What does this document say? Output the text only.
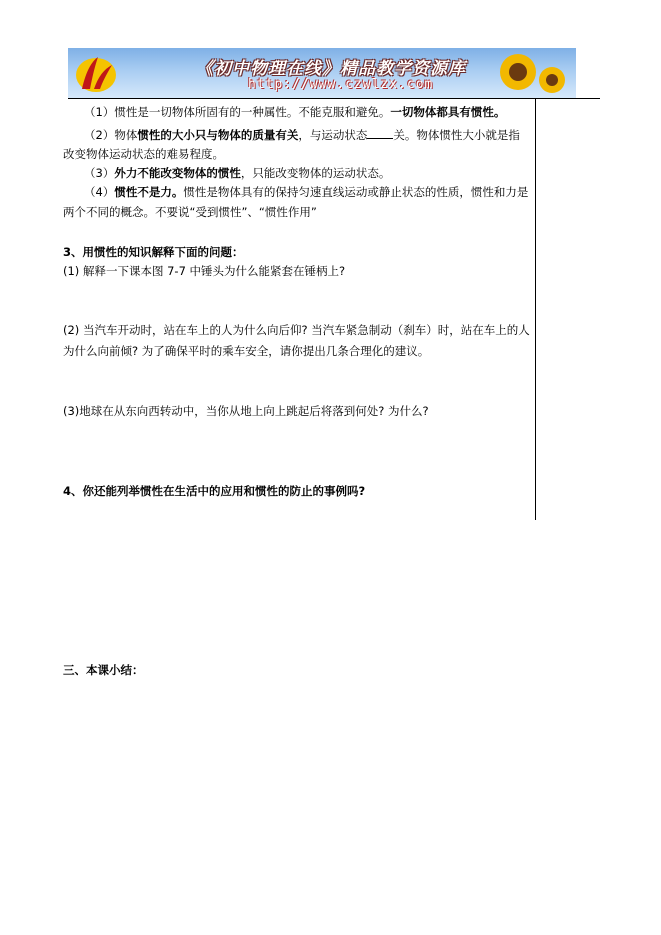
《初中物理在线》精品教学资源库
http://www.czwlzx.com
（1）惯性是一切物体所固有的一种属性。不能克服和避免。一切物体都具有惯性。
（2）物体惯性的大小只与物体的质量有关，与运动状态 关。物体惯性大小就是指
改变物体运动状态的难易程度。
（3）外力不能改变物体的惯性，只能改变物体的运动状态。
（4）惯性不是力。惯性是物体具有的保持匀速直线运动或静止状态的性质，惯性和力是
两个不同的概念。不要说“受到惯性”、“惯性作用”
3、用惯性的知识解释下面的问题：
(1) 解释一下课本图 7-7 中锤头为什么能紧套在锤柄上?
(2) 当汽车开动时，站在车上的人为什么向后仰? 当汽车紧急制动（刹车）时，站在车上的人
为什么向前倾? 为了确保平时的乘车安全，请你提出几条合理化的建议。
(3)地球在从东向西转动中，当你从地上向上跳起后将落到何处? 为什么?
4、你还能列举惯性在生活中的应用和惯性的防止的事例吗?
三、本课小结：
